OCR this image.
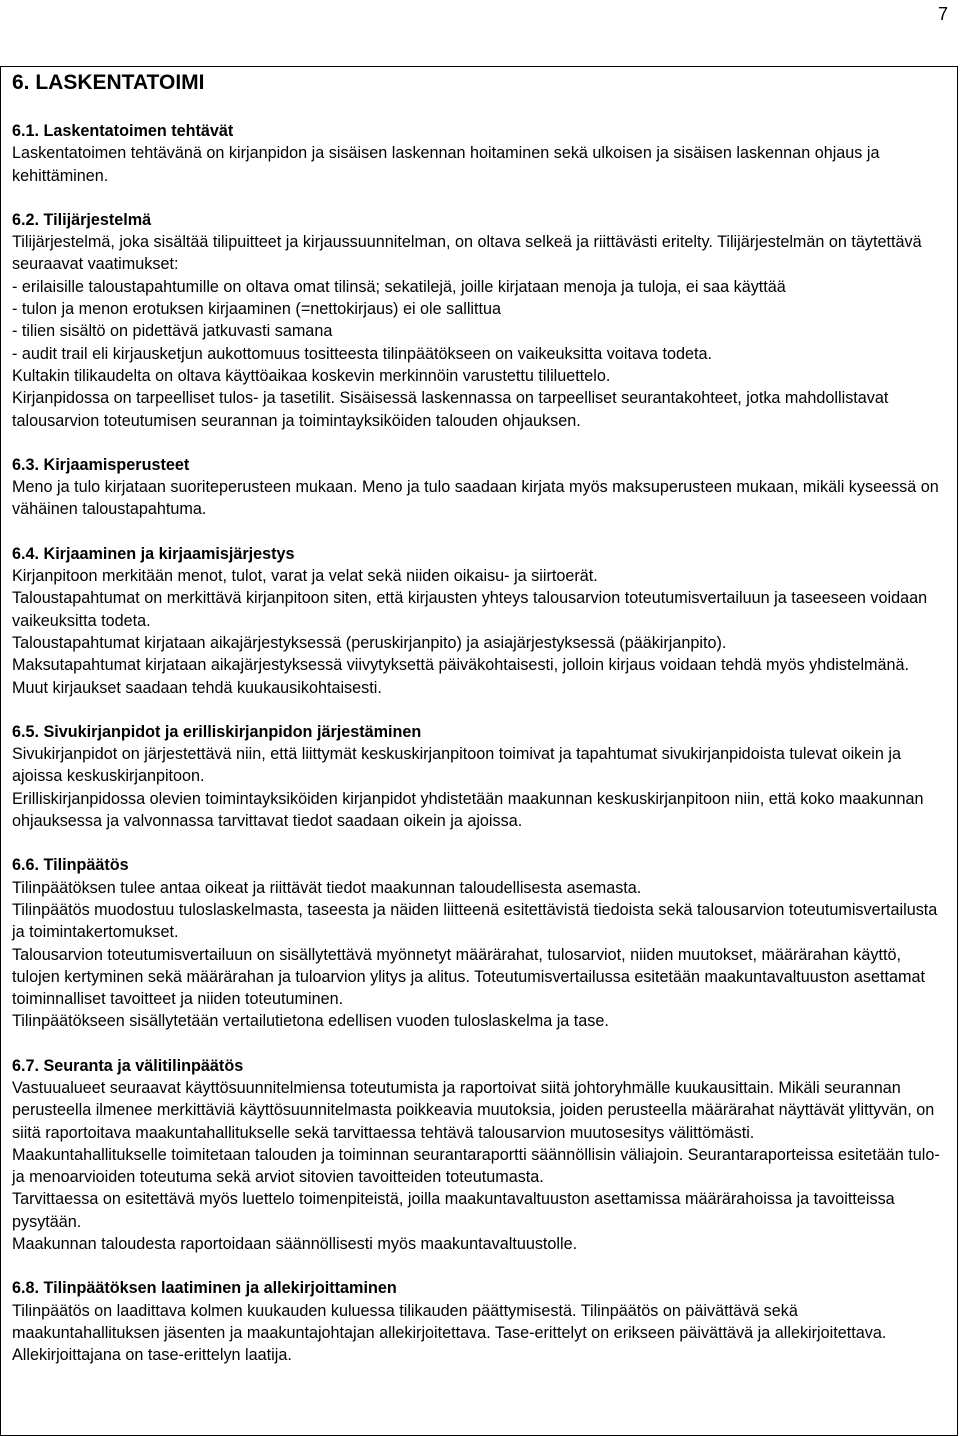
7
6. LASKENTATOIMI
6.1. Laskentatoimen tehtävät

Laskentatoimen tehtävänä on kirjanpidon ja sisäisen laskennan hoitaminen sekä ulkoisen ja sisäisen laskennan ohjaus ja kehittäminen.

6.2. Tilijärjestelmä

Tilijärjestelmä, joka sisältää tilipuitteet ja kirjaussuunnitelman, on oltava selkeä ja riittävästi eritelty. Tilijärjestelmän on täytettävä seuraavat vaatimukset:

- erilaisille taloustapahtumille on oltava omat tilinsä; sekatilejä, joille kirjataan menoja ja tuloja, ei saa käyttää

- tulon ja menon erotuksen kirjaaminen (=nettokirjaus) ei ole sallittua

- tilien sisältö on pidettävä jatkuvasti samana

- audit trail eli kirjausketjun aukottomuus tositteesta tilinpäätökseen on vaikeuksitta voitava todeta.

Kultakin tilikaudelta on oltava käyttöaikaa koskevin merkinnöin varustettu tililuettelo.

Kirjanpidossa on tarpeelliset tulos- ja tasetilit. Sisäisessä laskennassa on tarpeelliset seurantakohteet, jotka mahdollistavat talousarvion toteutumisen seurannan ja toimintayksiköiden talouden ohjauksen.

6.3. Kirjaamisperusteet

Meno ja tulo kirjataan suoriteperusteen mukaan. Meno ja tulo saadaan kirjata myös maksuperusteen mukaan, mikäli kyseessä on vähäinen taloustapahtuma.

6.4. Kirjaaminen ja kirjaamisjärjestys

Kirjanpitoon merkitään menot, tulot, varat ja velat sekä niiden oikaisu- ja siirtoerät.

Taloustapahtumat on merkittävä kirjanpitoon siten, että kirjausten yhteys talousarvion toteutumisvertailuun ja taseeseen voidaan vaikeuksitta todeta.

Taloustapahtumat kirjataan aikajärjestyksessä (peruskirjanpito) ja asiajärjestyksessä (pääkirjanpito).

Maksutapahtumat kirjataan aikajärjestyksessä viivytyksettä päiväkohtaisesti, jolloin kirjaus voidaan tehdä myös yhdistelmänä. Muut kirjaukset saadaan tehdä kuukausikohtaisesti.

6.5. Sivukirjanpidot ja erilliskirjanpidon järjestäminen

Sivukirjanpidot on järjestettävä niin, että liittymät keskuskirjanpitoon toimivat ja tapahtumat sivukirjanpidoista tulevat oikein ja ajoissa keskuskirjanpitoon.

Erilliskirjanpidossa olevien toimintayksiköiden kirjanpidot yhdistetään maakunnan keskuskirjanpitoon niin, että koko maakunnan ohjauksessa ja valvonnassa tarvittavat tiedot saadaan oikein ja ajoissa.

6.6. Tilinpäätös

Tilinpäätöksen tulee antaa oikeat ja riittävät tiedot maakunnan taloudellisesta asemasta.

Tilinpäätös muodostuu tuloslaskelmasta, taseesta ja näiden liitteenä esitettävistä tiedoista sekä talousarvion toteutumisvertailusta ja toimintakertomukset.

Talousarvion toteutumisvertailuun on sisällytettävä myönnetyt määrärahat, tulosarviot, niiden muutokset, määrärahan käyttö, tulojen kertyminen sekä määrärahan ja tuloarvion ylitys ja alitus. Toteutumisvertailussa esitetään maakuntavaltuuston asettamat toiminnalliset tavoitteet ja niiden toteutuminen.

Tilinpäätökseen sisällytetään vertailutietona edellisen vuoden tuloslaskelma ja tase.

6.7. Seuranta ja välitilinpäätös

Vastuualueet seuraavat käyttösuunnitelmiensa toteutumista ja raportoivat siitä johtoryhmälle kuukausittain. Mikäli seurannan perusteella ilmenee merkittäviä käyttösuunnitelmasta poikkeavia muutoksia, joiden perusteella määrärahat näyttävät ylittyvän, on siitä raportoitava maakuntahallitukselle sekä tarvittaessa tehtävä talousarvion muutosesitys välittömästi.

Maakuntahallitukselle toimitetaan talouden ja toiminnan seurantaraportti säännöllisin väliajoin. Seurantaraporteissa esitetään tulo- ja menoarvioiden toteutuma sekä arviot sitovien tavoitteiden toteutumasta.

Tarvittaessa on esitettävä myös luettelo toimenpiteistä, joilla maakuntavaltuuston asettamissa määrärahoissa ja tavoitteissa pysytään.

Maakunnan taloudesta raportoidaan säännöllisesti myös maakuntavaltuustolle.

6.8. Tilinpäätöksen laatiminen ja allekirjoittaminen

Tilinpäätös on laadittava kolmen kuukauden kuluessa tilikauden päättymisestä. Tilinpäätös on päivättävä sekä maakuntahallituksen jäsenten ja maakuntajohtajan allekirjoitettava. Tase-erittelyt on erikseen päivättävä ja allekirjoitettava. Allekirjoittajana on tase-erittelyn laatija.
